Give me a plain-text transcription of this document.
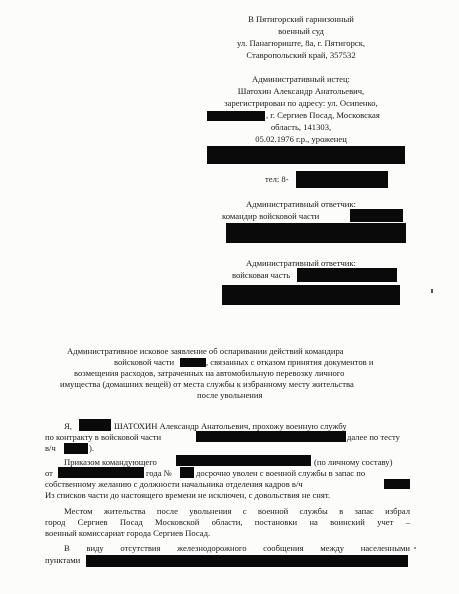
В Пятигорский гарнизонный
военный суд
ул. Панагюриште, 8а, г. Пятигорск,
Ставропольский край, 357532
Административный истец:
Шатохин Александр Анатольевич,
зарегистрирован по адресу: ул. Осипенко,
, г. Сергиев Посад, Московская
область, 141303,
05.02.1976 г.р., уроженец
тел: 8-
Административный ответчик:
командир войсковой части
Административный ответчик:
войсковая часть
Административное исковое заявление об оспаривании действий командира
войсковой части	, связанных с отказом принятия документов и
возмещения расходов, затраченных на автомобильную перевозку личного
имущества (домашних вещей) от места службы к избранному месту жительства
после увольнения
Я,	ШАТОХИН Александр Анатольевич, прохожу военную службу
по контракту в войсковой части	далее по тесту
в/ч	).
Приказом командующего	(по личному составу)
от	года №	досрочно уволен с военной службы в запас по
собственному желанию с должности начальника отделения кадров в/ч
Из списков части до настоящего времени не исключен, с довольствия не снят.
Местом жительства после увольнения с военной службы в запас избрал
город Сергиев Посад Московской области, постановки на воинский учет –
военный комиссариат города Сергиев Посад.
В виду отсутствия железнодорожного сообщения между населенными
пунктами
